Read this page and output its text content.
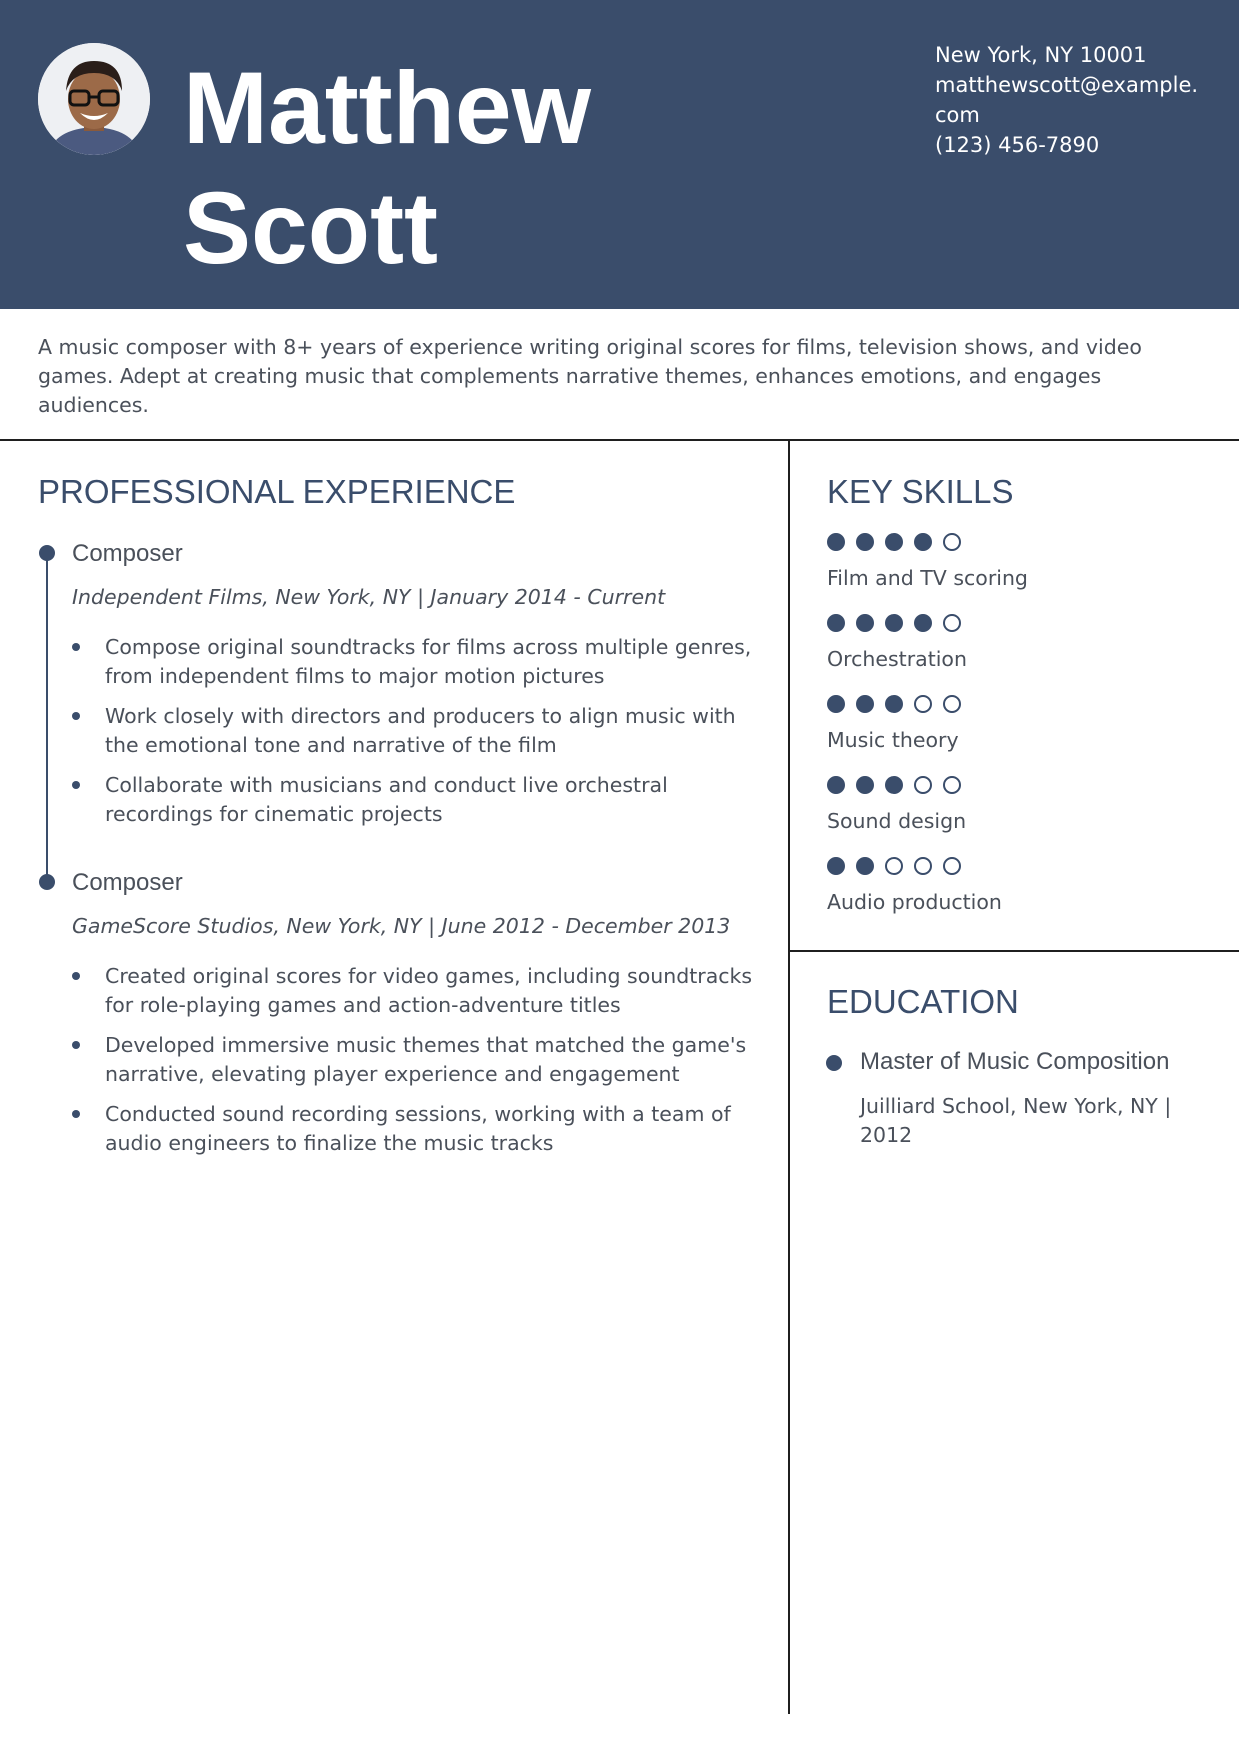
Matthew
Scott
New York, NY 10001
matthewscott@example.
com
(123) 456-7890
A music composer with 8+ years of experience writing original scores for films, television shows, and video games. Adept at creating music that complements narrative themes, enhances emotions, and engages audiences.
PROFESSIONAL EXPERIENCE
Composer
Independent Films, New York, NY | January 2014 - Current
Compose original soundtracks for films across multiple genres, from independent films to major motion pictures
Work closely with directors and producers to align music with the emotional tone and narrative of the film
Collaborate with musicians and conduct live orchestral recordings for cinematic projects
Composer
GameScore Studios, New York, NY | June 2012 - December 2013
Created original scores for video games, including soundtracks for role-playing games and action-adventure titles
Developed immersive music themes that matched the game's narrative, elevating player experience and engagement
Conducted sound recording sessions, working with a team of audio engineers to finalize the music tracks
KEY SKILLS
Film and TV scoring
Orchestration
Music theory
Sound design
Audio production
EDUCATION
Master of Music Composition
Juilliard School, New York, NY | 2012
